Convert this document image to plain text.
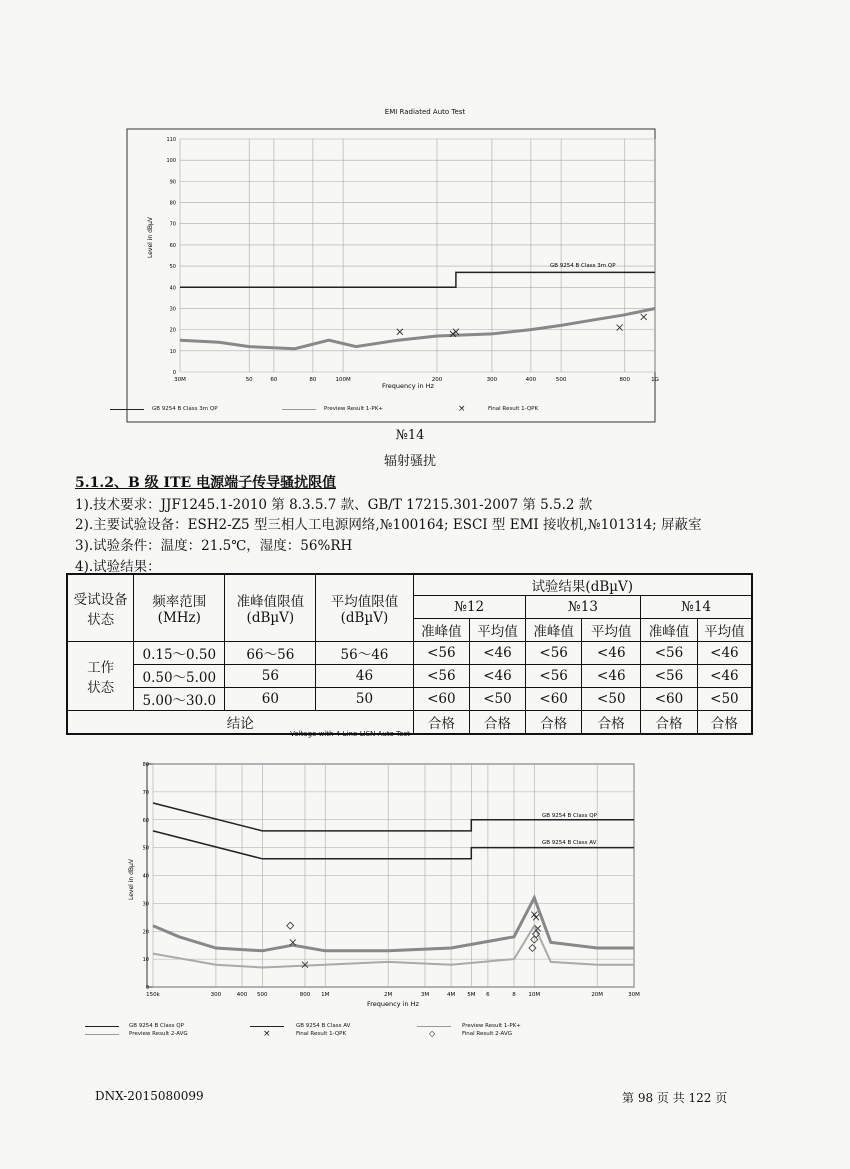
EMI Radiated Auto Test
0
10
20
30
40
50
60
70
80
90
100
110
30M	50	60	80	100M	200	300	400	500	800	1G
GB 9254 B Class 3m QP
Level in dBµV
Frequency in Hz
GB 9254 B Class 3m QP	Preview Result 1-PK+	×	Final Result 1-QPK
№14
辐射骚扰
5.1.2、B 级 ITE 电源端子传导骚扰限值
1).技术要求：JJF1245.1-2010 第 8.3.5.7 款、GB/T 17215.301-2007 第 5.5.2 款
2).主要试验设备：ESH2-Z5 型三相人工电源网络,№100164; ESCI 型 EMI 接收机,№101314; 屏蔽室
3).试验条件：温度：21.5℃，湿度：56%RH
4).试验结果：
受试设备状态	频率范围(MHz)	准峰值限值(dBµV)	平均值限值(dBµV)	试验结果(dBµV)					
				№12		№13		№14	
				准峰值	平均值	准峰值	平均值	准峰值	平均值
工作状态	0.15～0.50	66～56	56～46	<56	<46	<56	<46	<56	<46
	0.50～5.00	56	46	<56	<46	<56	<46	<56	<46
	5.00～30.0	60	50	<60	<50	<60	<50	<60	<50
结论				合格	合格	合格	合格	合格	合格
Voltage with 4-Line-LISN Auto Test
0
10
20
30
40
50
60
70
80
150k	300	400 500	800 1M	2M	3M	4M 5M 6	8 10M	20M	30M
GB 9254 B Class QP
GB 9254 B Class AV
Level in dBµV
Frequency in Hz
GB 9254 B Class QP
Preview Result 2-AVG
GB 9254 B Class AV
×	Final Result 1-QPK
Preview Result 1-PK+
◇	Final Result 2-AVG
DNX-2015080099	第 98 页 共 122 页
